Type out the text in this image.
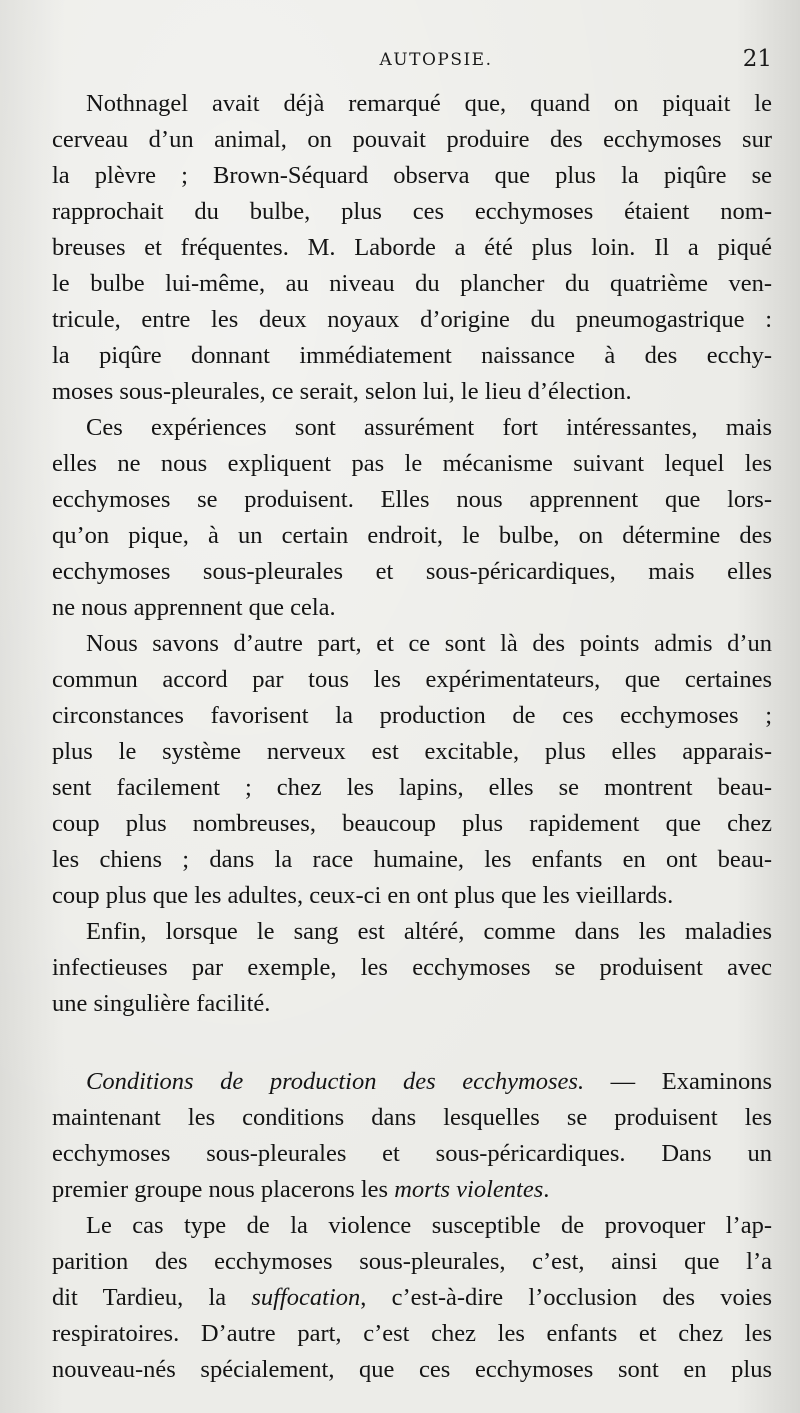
AUTOPSIE.	21
Nothnagel avait déjà remarqué que, quand on piquait le
cerveau d’un animal, on pouvait produire des ecchymoses sur
la plèvre ; Brown-Séquard observa que plus la piqûre se
rapprochait du bulbe, plus ces ecchymoses étaient nom-
breuses et fréquentes. M. Laborde a été plus loin. Il a piqué
le bulbe lui-même, au niveau du plancher du quatrième ven-
tricule, entre les deux noyaux d’origine du pneumogastrique :
la piqûre donnant immédiatement naissance à des ecchy-
moses sous-pleurales, ce serait, selon lui, le lieu d’élection.
Ces expériences sont assurément fort intéressantes, mais
elles ne nous expliquent pas le mécanisme suivant lequel les
ecchymoses se produisent. Elles nous apprennent que lors-
qu’on pique, à un certain endroit, le bulbe, on détermine des
ecchymoses sous-pleurales et sous-péricardiques, mais elles
ne nous apprennent que cela.
Nous savons d’autre part, et ce sont là des points admis d’un
commun accord par tous les expérimentateurs, que certaines
circonstances favorisent la production de ces ecchymoses ;
plus le système nerveux est excitable, plus elles apparais-
sent facilement ; chez les lapins, elles se montrent beau-
coup plus nombreuses, beaucoup plus rapidement que chez
les chiens ; dans la race humaine, les enfants en ont beau-
coup plus que les adultes, ceux-ci en ont plus que les vieillards.
Enfin, lorsque le sang est altéré, comme dans les maladies
infectieuses par exemple, les ecchymoses se produisent avec
une singulière facilité.
Conditions de production des ecchymoses. — Examinons
maintenant les conditions dans lesquelles se produisent les
ecchymoses sous-pleurales et sous-péricardiques. Dans un
premier groupe nous placerons les morts violentes.
Le cas type de la violence susceptible de provoquer l’ap-
parition des ecchymoses sous-pleurales, c’est, ainsi que l’a
dit Tardieu, la suffocation, c’est-à-dire l’occlusion des voies
respiratoires. D’autre part, c’est chez les enfants et chez les
nouveau-nés spécialement, que ces ecchymoses sont en plus
